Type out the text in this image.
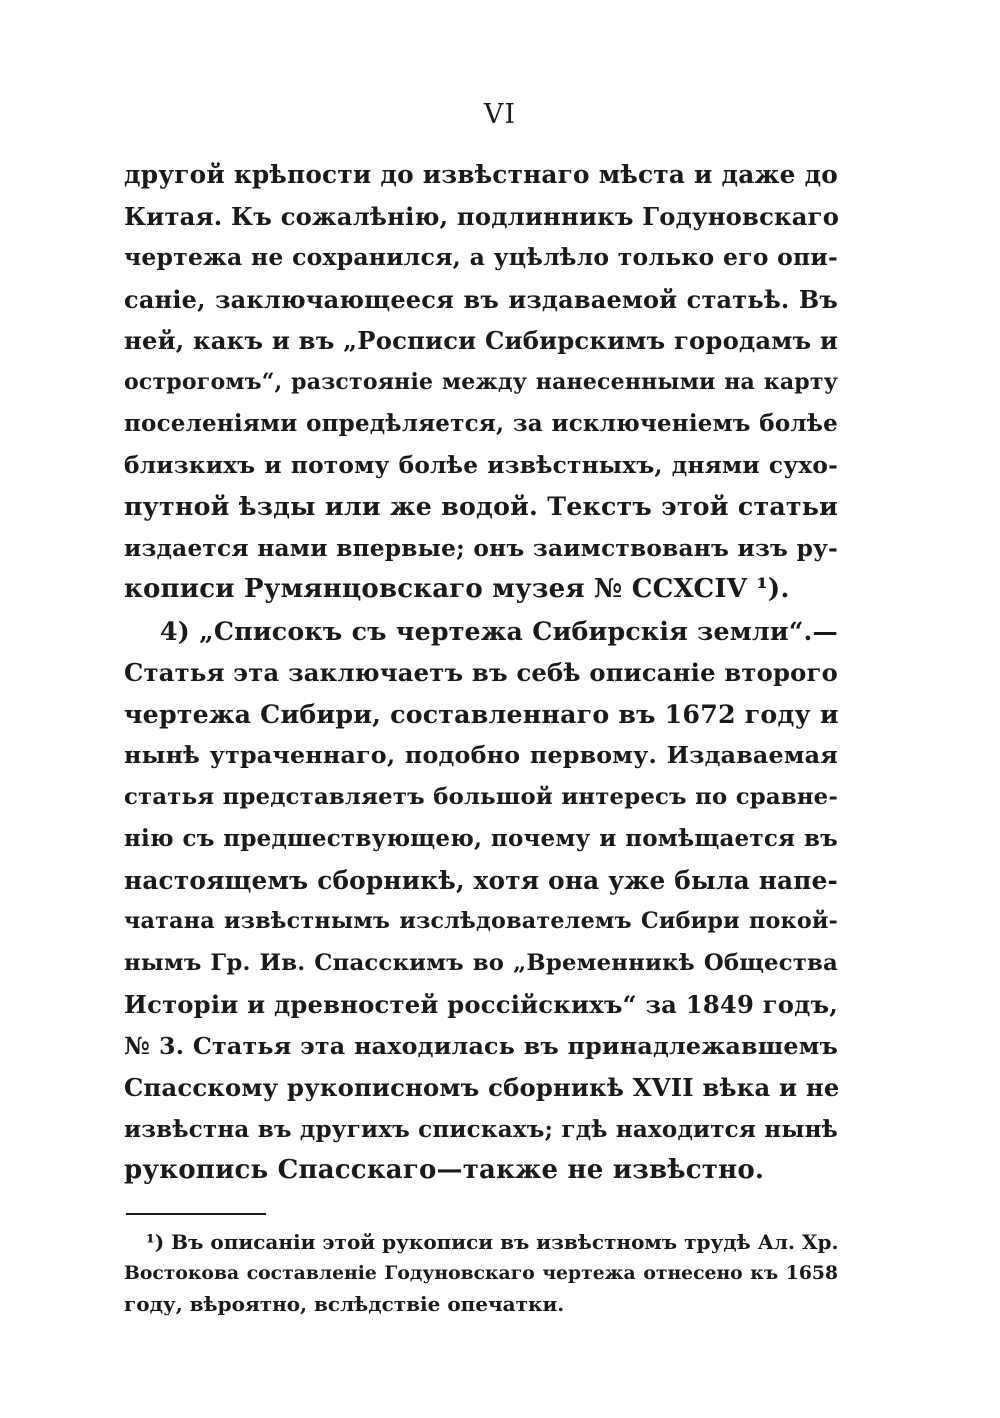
VI
другой крѣпости до извѣстнаго мѣста и даже до
Китая. Къ сожалѣнію, подлинникъ Годуновскаго
чертежа не сохранился, а уцѣлѣло только его опи-
саніе, заключающееся въ издаваемой статьѣ. Въ
ней, какъ и въ „Росписи Сибирскимъ городамъ и
острогомъ“, разстояніе между нанесенными на карту
поселеніями опредѣляется, за исключеніемъ болѣе
близкихъ и потому болѣе извѣстныхъ, днями сухо-
путной ѣзды или же водой. Текстъ этой статьи
издается нами впервые; онъ заимствованъ изъ ру-
кописи Румянцовскаго музея № CCXCIV ¹).
4) „Списокъ съ чертежа Сибирскія земли“.—
Статья эта заключаетъ въ себѣ описаніе второго
чертежа Сибири, составленнаго въ 1672 году и
нынѣ утраченнаго, подобно первому. Издаваемая
статья представляетъ большой интересъ по сравне-
нію съ предшествующею, почему и помѣщается въ
настоящемъ сборникѣ, хотя она уже была напе-
чатана извѣстнымъ изслѣдователемъ Сибири покой-
нымъ Гр. Ив. Спасскимъ во „Временникѣ Общества
Исторіи и древностей россійскихъ“ за 1849 годъ,
№ 3. Статья эта находилась въ принадлежавшемъ
Спасскому рукописномъ сборникѣ XVII вѣка и не
извѣстна въ другихъ спискахъ; гдѣ находится нынѣ
рукопись Спасскаго—также не извѣстно.
¹) Въ описаніи этой рукописи въ извѣстномъ трудѣ Ал. Хр.
Востокова составленіе Годуновскаго чертежа отнесено къ 1658
году, вѣроятно, вслѣдствіе опечатки.
